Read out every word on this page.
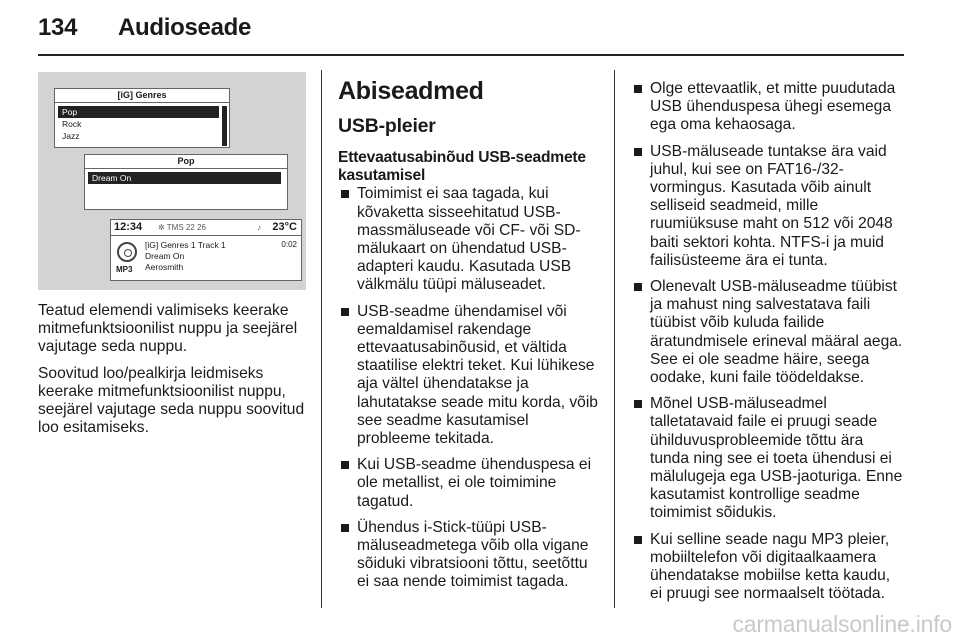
134 Audioseade
[iG] Genres
Pop
Rock
Jazz
Pop
Dream On
12:34 ✲ TMS 22 26	♪ 23°C
MP3
[iG] Genres 1 Track 1
Dream On
Aerosmith
0:02

Teatud elemendi valimiseks keerake mitmefunktsioonilist nuppu ja seejärel vajutage seda nuppu.

Soovitud loo/pealkirja leidmiseks keerake mitmefunktsioonilist nuppu, seejärel vajutage seda nuppu soovitud loo esitamiseks.

Abiseadmed
USB-pleier
Ettevaatusabinõud USB-seadmete kasutamisel
Toimimist ei saa tagada, kui kõvaketta sisseehitatud USB-massmäluseade või CF- või SD-mälukaart on ühendatud USB-adapteri kaudu. Kasutada USB välkmälu tüüpi mäluseadet.
USB-seadme ühendamisel või eemaldamisel rakendage ettevaatusabinõusid, et vältida staatilise elektri teket. Kui lühikese aja vältel ühendatakse ja lahutatakse seade mitu korda, võib see seadme kasutamisel probleeme tekitada.
Kui USB-seadme ühenduspesa ei ole metallist, ei ole toimimine tagatud.
Ühendus i-Stick-tüüpi USB-mäluseadmetega võib olla vigane sõiduki vibratsiooni tõttu, seetõttu ei saa nende toimimist tagada.
Olge ettevaatlik, et mitte puudutada USB ühenduspesa ühegi esemega ega oma kehaosaga.
USB-mäluseade tuntakse ära vaid juhul, kui see on FAT16-/32-vormingus. Kasutada võib ainult selliseid seadmeid, mille ruumiüksuse maht on 512 või 2048 baiti sektori kohta. NTFS-i ja muid failisüsteeme ära ei tunta.
Olenevalt USB-mäluseadme tüübist ja mahust ning salvestatava faili tüübist võib kuluda failide äratundmisele erineval määral aega. See ei ole seadme häire, seega oodake, kuni faile töödeldakse.
Mõnel USB-mäluseadmel talletatavaid faile ei pruugi seade ühilduvusprobleemide tõttu ära tunda ning see ei toeta ühendusi ei mälulugeja ega USB-jaoturiga. Enne kasutamist kontrollige seadme toimimist sõidukis.
Kui selline seade nagu MP3 pleier, mobiiltelefon või digitaalkaamera ühendatakse mobiilse ketta kaudu, ei pruugi see normaalselt töötada.
carmanualsonline.info
